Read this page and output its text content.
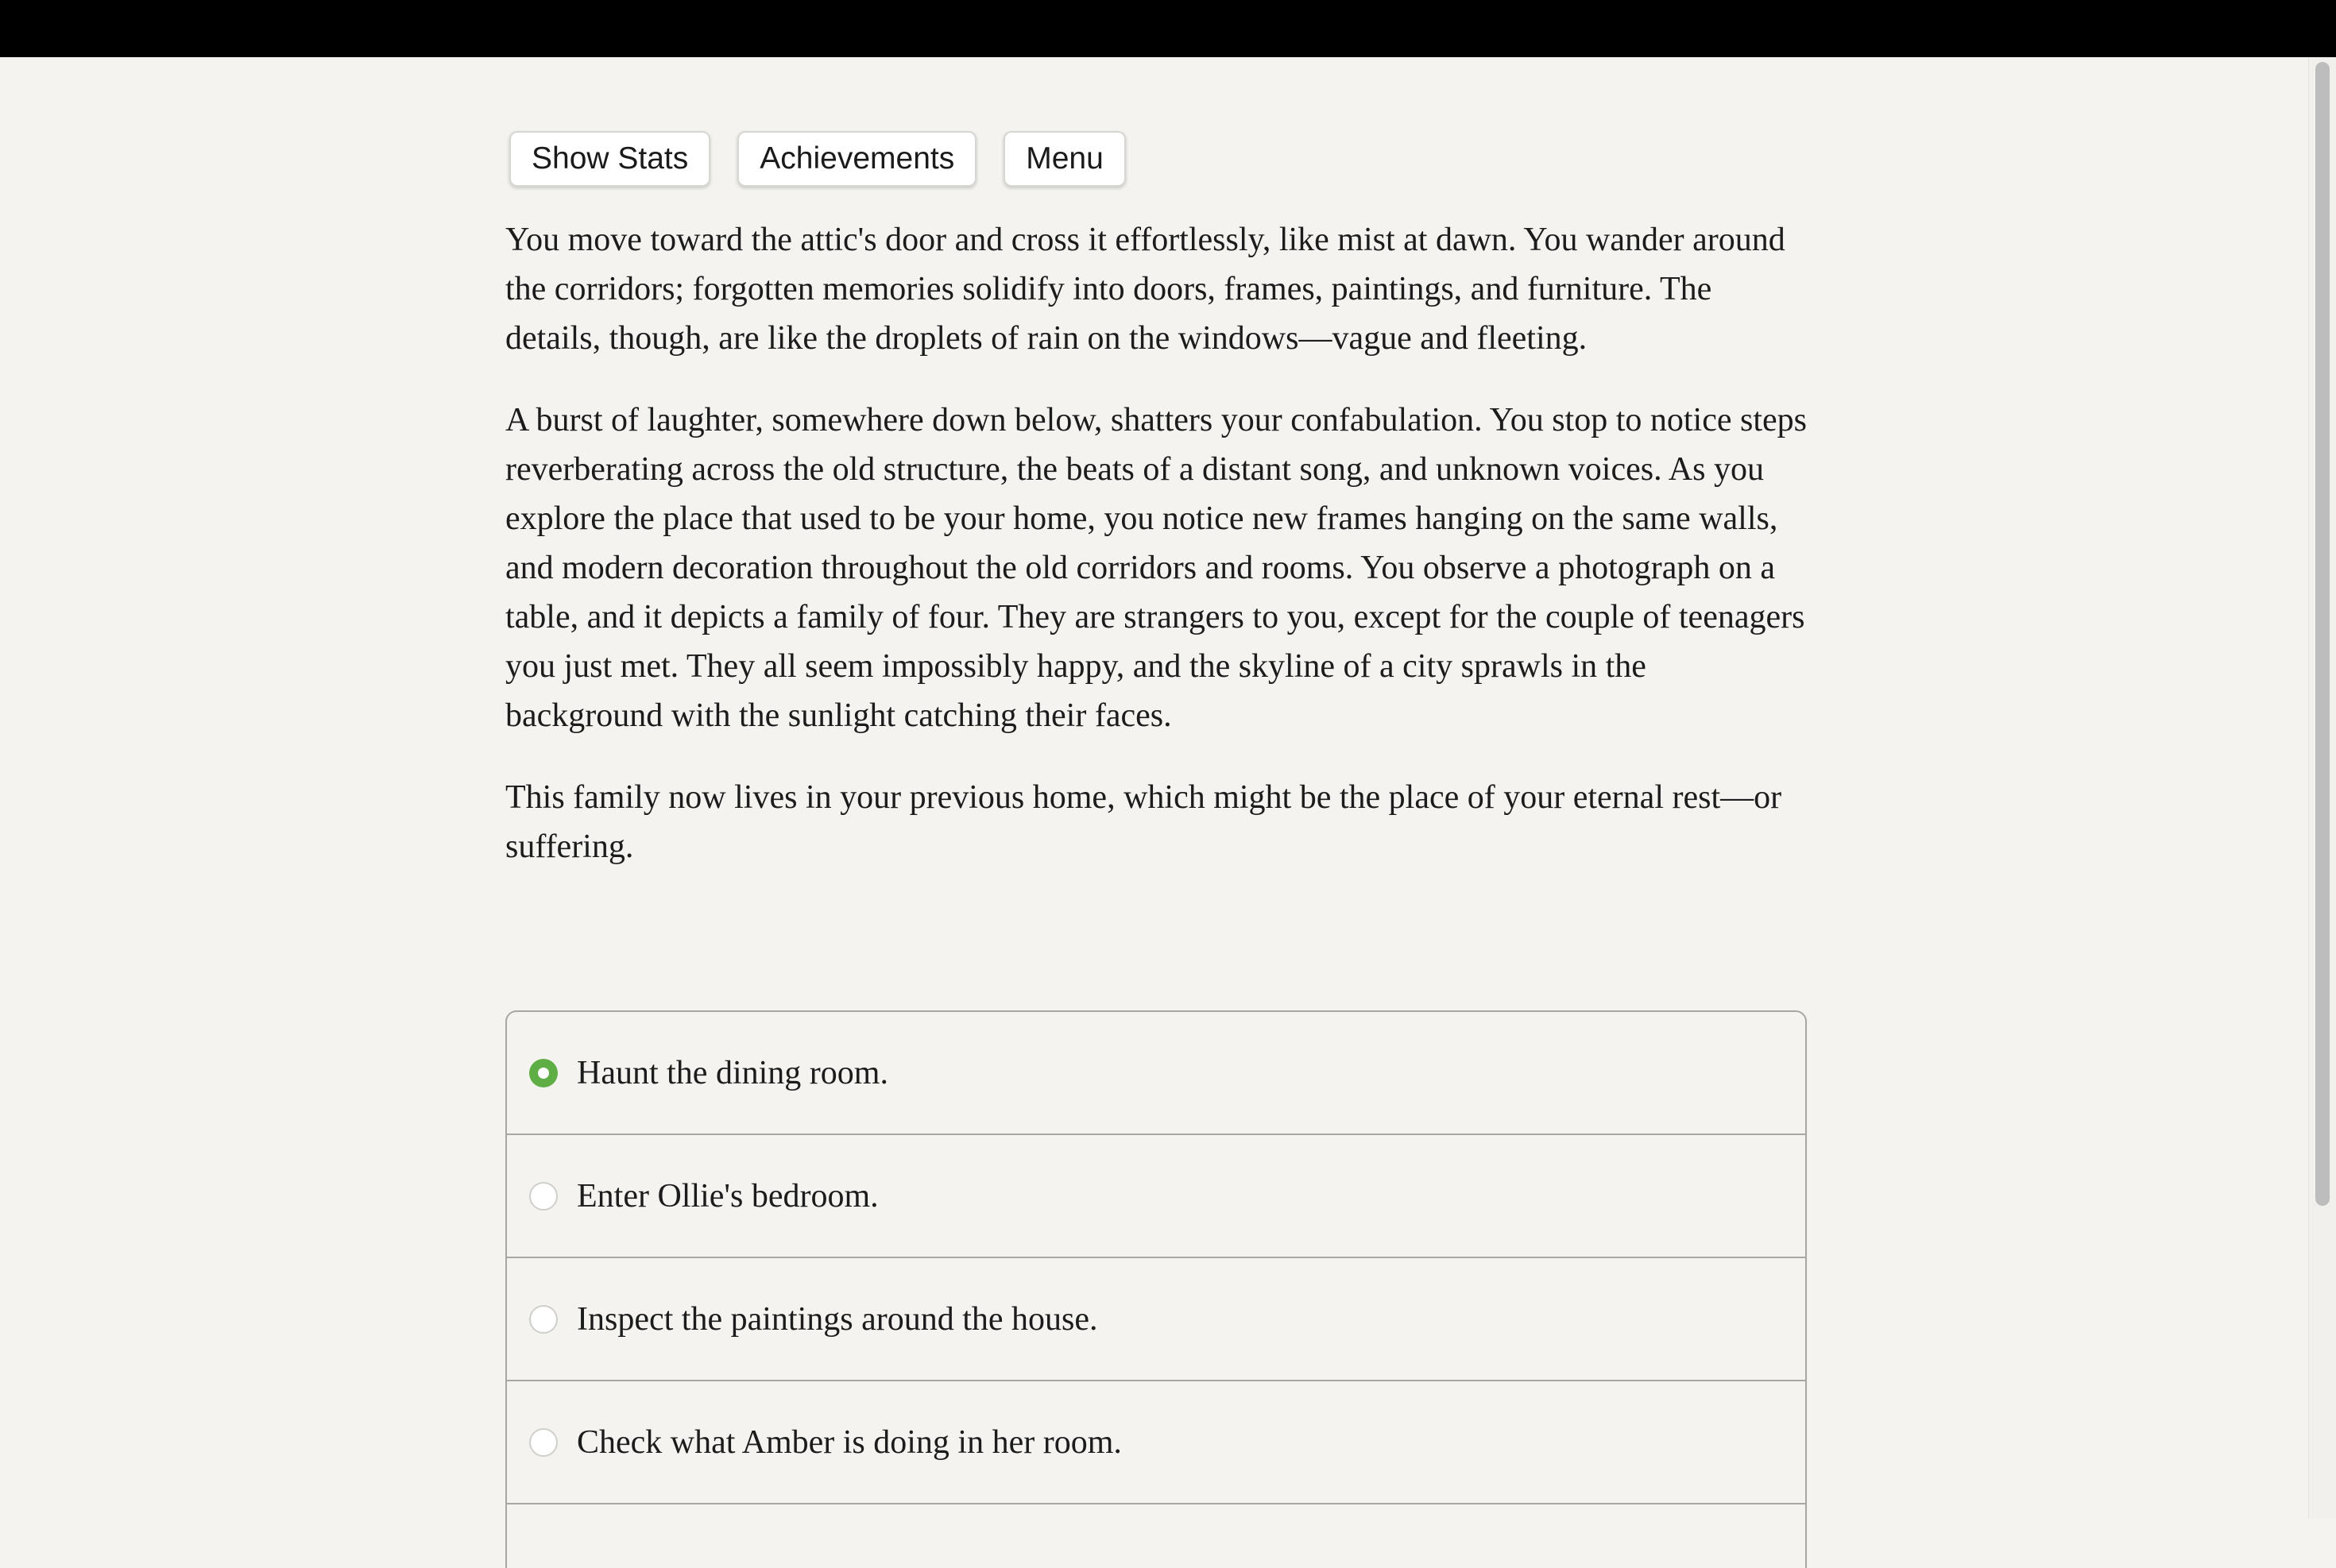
Show Stats	Achievements	Menu

You move toward the attic's door and cross it effortlessly, like mist at dawn. You wander around the corridors; forgotten memories solidify into doors, frames, paintings, and furniture. The details, though, are like the droplets of rain on the windows—vague and fleeting.

A burst of laughter, somewhere down below, shatters your confabulation. You stop to notice steps reverberating across the old structure, the beats of a distant song, and unknown voices. As you explore the place that used to be your home, you notice new frames hanging on the same walls, and modern decoration throughout the old corridors and rooms. You observe a photograph on a table, and it depicts a family of four. They are strangers to you, except for the couple of teenagers you just met. They all seem impossibly happy, and the skyline of a city sprawls in the background with the sunlight catching their faces.

This family now lives in your previous home, which might be the place of your eternal rest—or suffering.

Haunt the dining room.
Enter Ollie's bedroom.
Inspect the paintings around the house.
Check what Amber is doing in her room.
